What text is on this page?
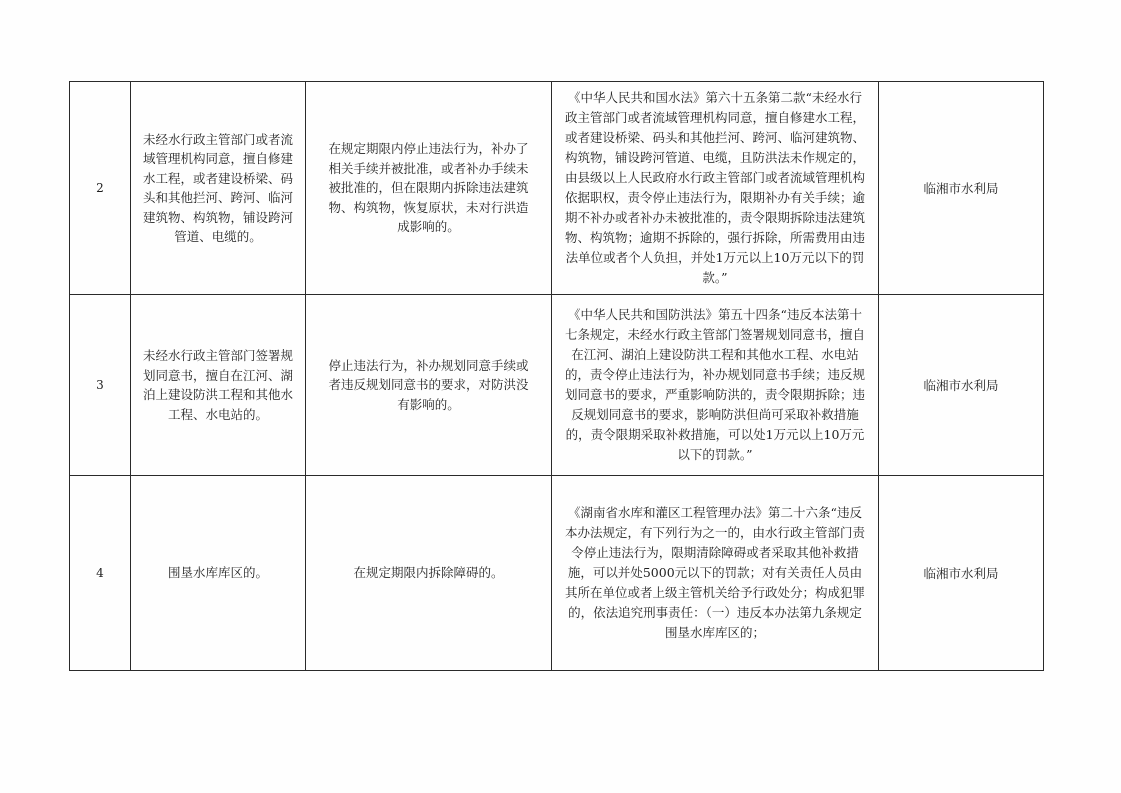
2	未经水行政主管部门或者流域管理机构同意，擅自修建水工程，或者建设桥梁、码头和其他拦河、跨河、临河建筑物、构筑物，铺设跨河管道、电缆的。	在规定期限内停止违法行为，补办了相关手续并被批准，或者补办手续未被批准的，但在限期内拆除违法建筑物、构筑物，恢复原状，未对行洪造成影响的。	《中华人民共和国水法》第六十五条第二款“未经水行政主管部门或者流域管理机构同意，擅自修建水工程，或者建设桥梁、码头和其他拦河、跨河、临河建筑物、构筑物，铺设跨河管道、电缆，且防洪法未作规定的，由县级以上人民政府水行政主管部门或者流域管理机构依据职权，责令停止违法行为，限期补办有关手续；逾期不补办或者补办未被批准的，责令限期拆除违法建筑物、构筑物；逾期不拆除的，强行拆除，所需费用由违法单位或者个人负担，并处1万元以上10万元以下的罚款。”	临湘市水利局
3	未经水行政主管部门签署规划同意书，擅自在江河、湖泊上建设防洪工程和其他水工程、水电站的。	停止违法行为，补办规划同意手续或者违反规划同意书的要求，对防洪没有影响的。	《中华人民共和国防洪法》第五十四条“违反本法第十七条规定，未经水行政主管部门签署规划同意书，擅自在江河、湖泊上建设防洪工程和其他水工程、水电站的，责令停止违法行为，补办规划同意书手续；违反规划同意书的要求，严重影响防洪的，责令限期拆除；违反规划同意书的要求，影响防洪但尚可采取补救措施的，责令限期采取补救措施，可以处1万元以上10万元以下的罚款。”	临湘市水利局
4	围垦水库库区的。	在规定期限内拆除障碍的。	《湖南省水库和灌区工程管理办法》第二十六条“违反本办法规定，有下列行为之一的，由水行政主管部门责令停止违法行为，限期清除障碍或者采取其他补救措施，可以并处5000元以下的罚款；对有关责任人员由其所在单位或者上级主管机关给予行政处分；构成犯罪的，依法追究刑事责任：（一）违反本办法第九条规定围垦水库库区的；	临湘市水利局
